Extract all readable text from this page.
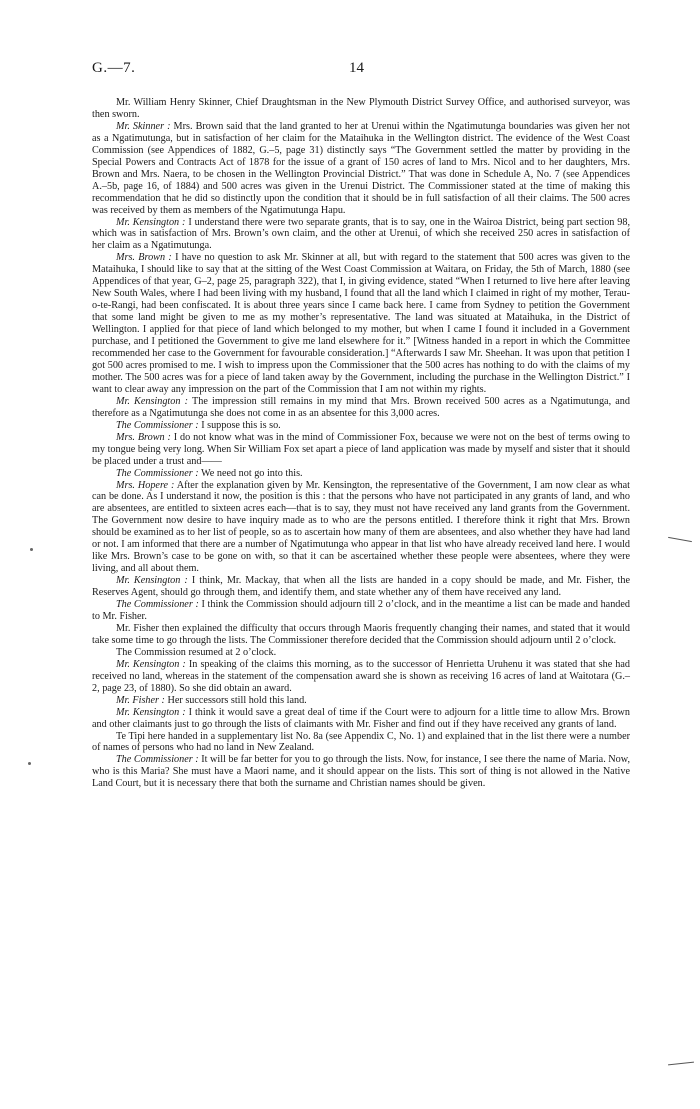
G.—7.	14

Mr. William Henry Skinner, Chief Draughtsman in the New Plymouth District Survey Office, and authorised surveyor, was then sworn.

Mr. Skinner : Mrs. Brown said that the land granted to her at Urenui within the Ngatimutunga boundaries was given her not as a Ngatimutunga, but in satisfaction of her claim for the Mataihuka in the Wellington district. The evidence of the West Coast Commission (see Appendices of 1882, G.–5, page 31) distinctly says “The Government settled the matter by providing in the Special Powers and Contracts Act of 1878 for the issue of a grant of 150 acres of land to Mrs. Nicol and to her daughters, Mrs. Brown and Mrs. Naera, to be chosen in the Wellington Provincial District.” That was done in Schedule A, No. 7 (see Appendices A.–5b, page 16, of 1884) and 500 acres was given in the Urenui District. The Commissioner stated at the time of making this recommendation that he did so distinctly upon the condition that it should be in full satisfaction of all their claims. The 500 acres was received by them as members of the Ngatimutunga Hapu.

Mr. Kensington : I understand there were two separate grants, that is to say, one in the Wairoa District, being part section 98, which was in satisfaction of Mrs. Brown’s own claim, and the other at Urenui, of which she received 250 acres in satisfaction of her claim as a Ngatimutunga.

Mrs. Brown : I have no question to ask Mr. Skinner at all, but with regard to the statement that 500 acres was given to the Mataihuka, I should like to say that at the sitting of the West Coast Commission at Waitara, on Friday, the 5th of March, 1880 (see Appendices of that year, G–2, page 25, paragraph 322), that I, in giving evidence, stated “When I returned to live here after leaving New South Wales, where I had been living with my husband, I found that all the land which I claimed in right of my mother, Terau-o-te-Rangi, had been confiscated. It is about three years since I came back here. I came from Sydney to petition the Government that some land might be given to me as my mother’s representative. The land was situated at Mataihuka, in the District of Wellington. I applied for that piece of land which belonged to my mother, but when I came I found it included in a Government purchase, and I petitioned the Government to give me land elsewhere for it.” [Witness handed in a report in which the Committee recommended her case to the Government for favourable consideration.] “Afterwards I saw Mr. Sheehan. It was upon that petition I got 500 acres promised to me. I wish to impress upon the Commissioner that the 500 acres has nothing to do with the claims of my mother. The 500 acres was for a piece of land taken away by the Government, including the purchase in the Wellington District.” I want to clear away any impression on the part of the Commission that I am not within my rights.

Mr. Kensington : The impression still remains in my mind that Mrs. Brown received 500 acres as a Ngatimutunga, and therefore as a Ngatimutunga she does not come in as an absentee for this 3,000 acres.

The Commissioner : I suppose this is so.

Mrs. Brown : I do not know what was in the mind of Commissioner Fox, because we were not on the best of terms owing to my tongue being very long. When Sir William Fox set apart a piece of land application was made by myself and sister that it should be placed under a trust and——

The Commissioner : We need not go into this.

Mrs. Hopere : After the explanation given by Mr. Kensington, the representative of the Government, I am now clear as what can be done. As I understand it now, the position is this : that the persons who have not participated in any grants of land, and who are absentees, are entitled to sixteen acres each—that is to say, they must not have received any land grants from the Government. The Government now desire to have inquiry made as to who are the persons entitled. I therefore think it right that Mrs. Brown should be examined as to her list of people, so as to ascertain how many of them are absentees, and also whether they have had land or not. I am informed that there are a number of Ngatimutunga who appear in that list who have already received land here. I would like Mrs. Brown’s case to be gone on with, so that it can be ascertained whether these people were absentees, where they were living, and all about them.

Mr. Kensington : I think, Mr. Mackay, that when all the lists are handed in a copy should be made, and Mr. Fisher, the Reserves Agent, should go through them, and identify them, and state whether any of them have received any land.

The Commissioner : I think the Commission should adjourn till 2 o’clock, and in the meantime a list can be made and handed to Mr. Fisher.

Mr. Fisher then explained the difficulty that occurs through Maoris frequently changing their names, and stated that it would take some time to go through the lists. The Commissioner therefore decided that the Commission should adjourn until 2 o’clock.

The Commission resumed at 2 o’clock.

Mr. Kensington : In speaking of the claims this morning, as to the successor of Henrietta Uruhenu it was stated that she had received no land, whereas in the statement of the compensation award she is shown as receiving 16 acres of land at Waitotara (G.–2, page 23, of 1880). So she did obtain an award.

Mr. Fisher : Her successors still hold this land.

Mr. Kensington : I think it would save a great deal of time if the Court were to adjourn for a little time to allow Mrs. Brown and other claimants just to go through the lists of claimants with Mr. Fisher and find out if they have received any grants of land.

Te Tipi here handed in a supplementary list No. 8a (see Appendix C, No. 1) and explained that in the list there were a number of names of persons who had no land in New Zealand.

The Commissioner : It will be far better for you to go through the lists. Now, for instance, I see there the name of Maria. Now, who is this Maria? She must have a Maori name, and it should appear on the lists. This sort of thing is not allowed in the Native Land Court, but it is necessary there that both the surname and Christian names should be given.
